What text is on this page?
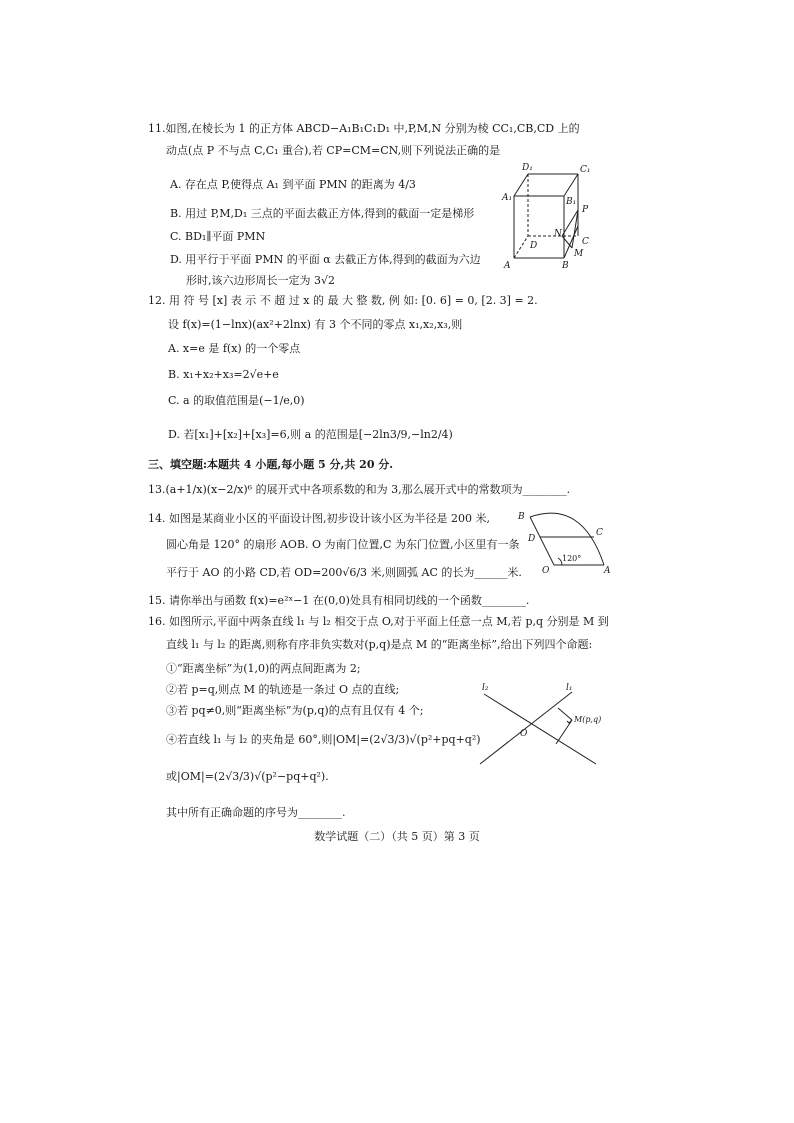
11.如图,在棱长为 1 的正方体 ABCD−A₁B₁C₁D₁ 中,P,M,N 分别为棱 CC₁,CB,CD 上的
动点(点 P 不与点 C,C₁ 重合),若 CP=CM=CN,则下列说法正确的是
A. 存在点 P,使得点 A₁ 到平面 PMN 的距离为 4/3
B. 用过 P,M,D₁ 三点的平面去截正方体,得到的截面一定是梯形
C. BD₁∥平面 PMN
D. 用平行于平面 PMN 的平面 α 去截正方体,得到的截面为六边
形时,该六边形周长一定为 3√2
D₁	C₁
A₁	B₁
P
N
C
D
M
A	B
12. 用 符 号 [x] 表 示 不 超 过 x 的 最 大 整 数, 例 如: [0. 6] = 0, [2. 3] = 2.
设 f(x)=(1−lnx)(ax²+2lnx) 有 3 个不同的零点 x₁,x₂,x₃,则
A. x=e 是 f(x) 的一个零点
B. x₁+x₂+x₃=2√e+e
C. a 的取值范围是(−1/e,0)
D. 若[x₁]+[x₂]+[x₃]=6,则 a 的范围是[−2ln3/9,−ln2/4)
三、填空题:本题共 4 小题,每小题 5 分,共 20 分.
13.(a+1/x)(x−2/x)⁶ 的展开式中各项系数的和为 3,那么展开式中的常数项为________.
14. 如图是某商业小区的平面设计图,初步设计该小区为半径是 200 米,
圆心角是 120° 的扇形 AOB. O 为南门位置,C 为东门位置,小区里有一条
平行于 AO 的小路 CD,若 OD=200√6/3 米,则圆弧 AC 的长为______米.
B
C
D
O	A
120°
15. 请你举出与函数 f(x)=e²ˣ−1 在(0,0)处具有相同切线的一个函数________.
16. 如图所示,平面中两条直线 l₁ 与 l₂ 相交于点 O,对于平面上任意一点 M,若 p,q 分别是 M 到
直线 l₁ 与 l₂ 的距离,则称有序非负实数对(p,q)是点 M 的“距离坐标”,给出下列四个命题:
①“距离坐标”为(1,0)的两点间距离为 2;
②若 p=q,则点 M 的轨迹是一条过 O 点的直线;
③若 pq≠0,则“距离坐标”为(p,q)的点有且仅有 4 个;
④若直线 l₁ 与 l₂ 的夹角是 60°,则|OM|=(2√3/3)√(p²+pq+q²)
或|OM|=(2√3/3)√(p²−pq+q²).
其中所有正确命题的序号为________.
l₂	l₁
O
M(p,q)
数学试题（二）（共 5 页）第 3 页
